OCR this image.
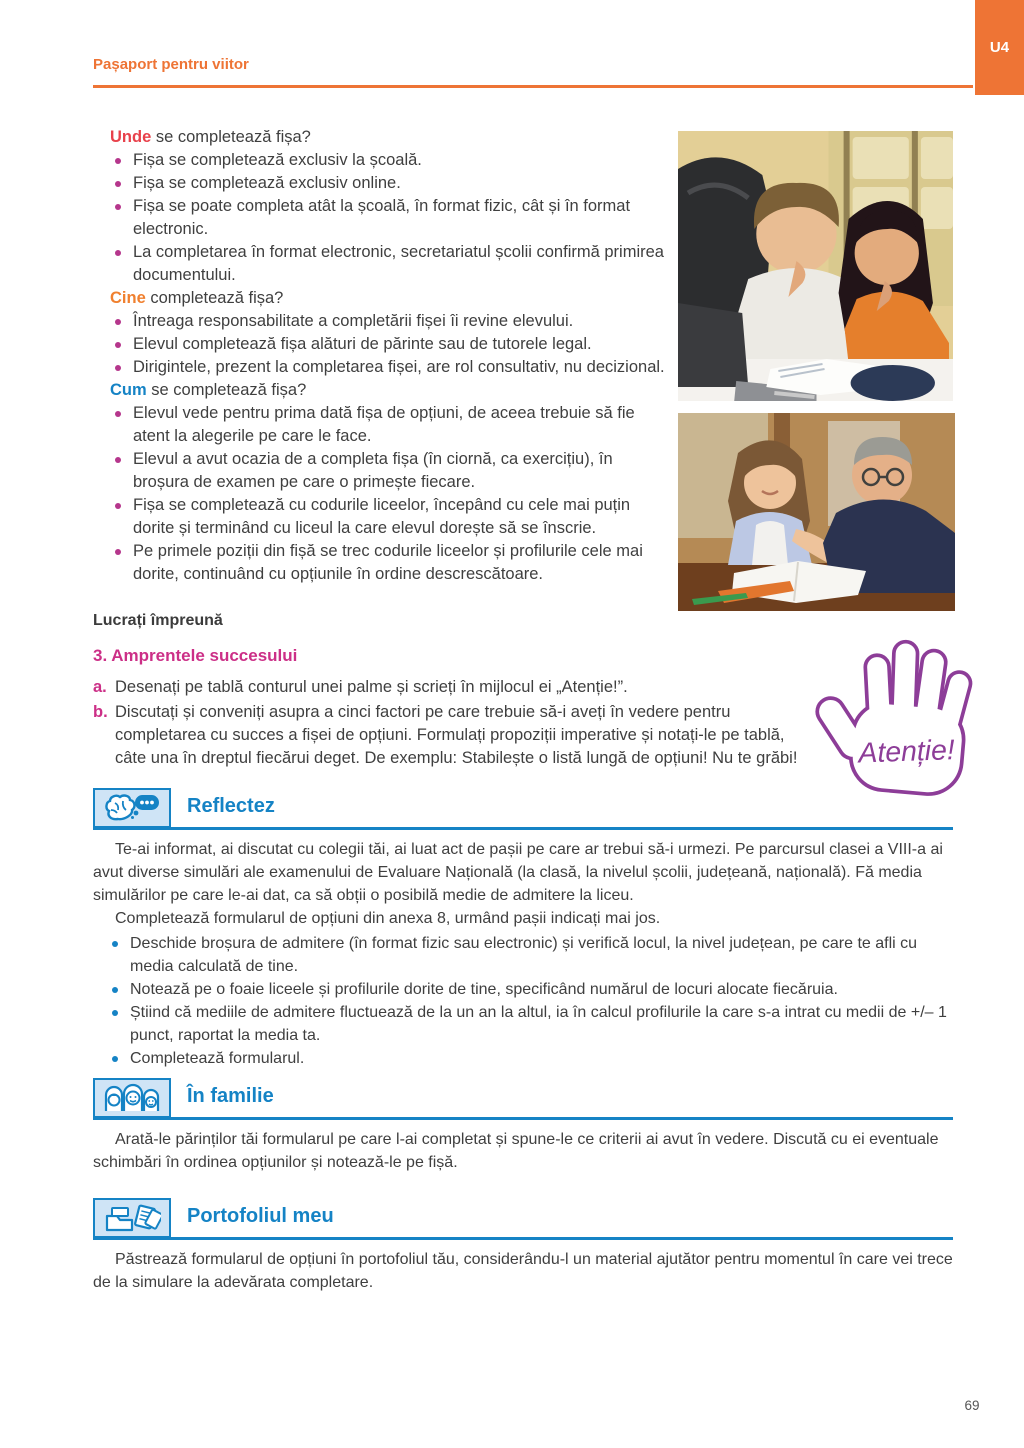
U4
Pașaport pentru viitor
Unde se completează fișa?
Fișa se completează exclusiv la școală.
Fișa se completează exclusiv online.
Fișa se poate completa atât la școală, în format fizic, cât și în format electronic.
La completarea în format electronic, secretariatul școlii confirmă primirea documentului.
Cine completează fișa?
Întreaga responsabilitate a completării fișei îi revine elevului.
Elevul completează fișa alături de părinte sau de tutorele legal.
Dirigintele, prezent la completarea fișei, are rol consultativ, nu decizional.
Cum se completează fișa?
Elevul vede pentru prima dată fișa de opțiuni, de aceea trebuie să fie atent la alegerile pe care le face.
Elevul a avut ocazia de a completa fișa (în ciornă, ca exercițiu), în broșura de examen pe care o primește fiecare.
Fișa se completează cu codurile liceelor, începând cu cele mai puțin dorite și terminând cu liceul la care elevul dorește să se înscrie.
Pe primele poziții din fișă se trec codurile liceelor și profilurile cele mai dorite, continuând cu opțiunile în ordine descrescătoare.
Lucrați împreună
3. Amprentele succesului
a. Desenați pe tablă conturul unei palme și scrieți în mijlocul ei „Atenție!”.
b. Discutați și conveniți asupra a cinci factori pe care trebuie să-i aveți în vedere pentru completarea cu succes a fișei de opțiuni. Formulați propoziții imperative și notați-le pe tablă, câte una în dreptul fiecărui deget. De exemplu: Stabilește o listă lungă de opțiuni! Nu te grăbi! Atenție!
Reflectez

Te-ai informat, ai discutat cu colegii tăi, ai luat act de pașii pe care ar trebui să-i urmezi. Pe parcursul clasei a VIII-a ai avut diverse simulări ale examenului de Evaluare Națională (la clasă, la nivelul școlii, județeană, națională). Fă media simulărilor pe care le-ai dat, ca să obții o posibilă medie de admitere la liceu.

Completează formularul de opțiuni din anexa 8, urmând pașii indicați mai jos.

Deschide broșura de admitere (în format fizic sau electronic) și verifică locul, la nivel județean, pe care te afli cu media calculată de tine.
Notează pe o foaie liceele și profilurile dorite de tine, specificând numărul de locuri alocate fiecăruia.
Știind că mediile de admitere fluctuează de la un an la altul, ia în calcul profilurile la care s-a intrat cu medii de +/– 1 punct, raportat la media ta.
Completează formularul.
În familie

Arată-le părinților tăi formularul pe care l-ai completat și spune-le ce criterii ai avut în vedere. Discută cu ei eventuale schimbări în ordinea opțiunilor și notează-le pe fișă.

Portofoliul meu

Păstrează formularul de opțiuni în portofoliul tău, considerându-l un material ajutător pentru momentul în care vei trece de la simulare la adevărata completare.

69
